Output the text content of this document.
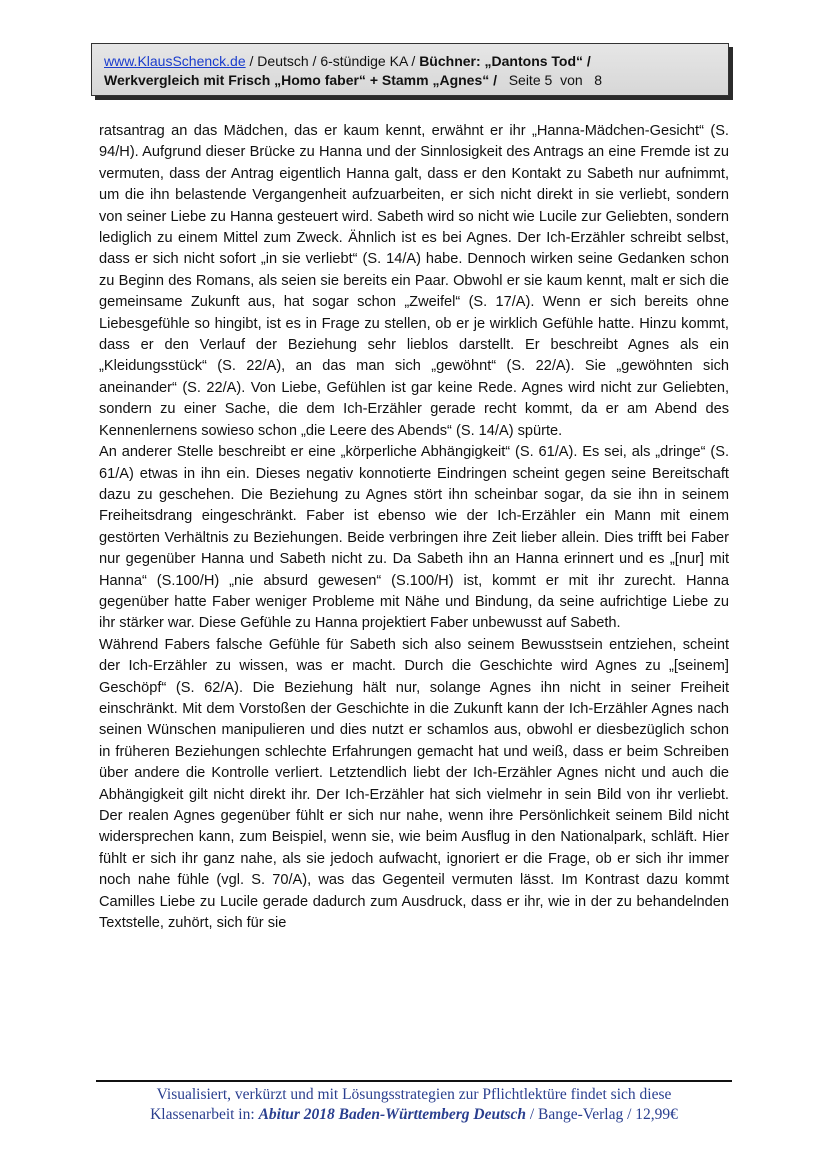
www.KlausSchenck.de / Deutsch / 6-stündige KA / Büchner: „Dantons Tod“ /
Werkvergleich mit Frisch „Homo faber“ + Stamm „Agnes“ /   Seite 5  von   8

ratsantrag an das Mädchen, das er kaum kennt, erwähnt er ihr „Hanna-Mädchen-Gesicht“ (S. 94/H). Aufgrund dieser Brücke zu Hanna und der Sinnlosigkeit des Antrags an eine Fremde ist zu vermuten, dass der Antrag eigentlich Hanna galt, dass er den Kontakt zu Sabeth nur aufnimmt, um die ihn belastende Vergangenheit aufzuarbeiten, er sich nicht direkt in sie verliebt, sondern von seiner Liebe zu Hanna gesteuert wird. Sabeth wird so nicht wie Lucile zur Geliebten, sondern lediglich zu einem Mittel zum Zweck. Ähnlich ist es bei Agnes. Der Ich-Erzähler schreibt selbst, dass er sich nicht sofort „in sie verliebt“ (S. 14/A) habe. Dennoch wirken seine Gedanken schon zu Beginn des Romans, als seien sie bereits ein Paar. Obwohl er sie kaum kennt, malt er sich die gemeinsame Zukunft aus, hat sogar schon „Zweifel“ (S. 17/A). Wenn er sich bereits ohne Liebesgefühle so hingibt, ist es in Frage zu stellen, ob er je wirklich Gefühle hatte. Hinzu kommt, dass er den Verlauf der Beziehung sehr lieblos darstellt. Er beschreibt Agnes als ein „Kleidungsstück“ (S. 22/A), an das man sich „gewöhnt“ (S. 22/A). Sie „gewöhnten sich aneinander“ (S. 22/A). Von Liebe, Gefühlen ist gar keine Rede. Agnes wird nicht zur Geliebten, sondern zu einer Sache, die dem Ich-Erzähler gerade recht kommt, da er am Abend des Kennenlernens sowieso schon „die Leere des Abends“ (S. 14/A) spürte.

An anderer Stelle beschreibt er eine „körperliche Abhängigkeit“ (S. 61/A). Es sei, als „dringe“ (S. 61/A) etwas in ihn ein. Dieses negativ konnotierte Eindringen scheint gegen seine Bereitschaft dazu zu geschehen. Die Beziehung zu Agnes stört ihn scheinbar sogar, da sie ihn in seinem Freiheitsdrang eingeschränkt. Faber ist ebenso wie der Ich-Erzähler ein Mann mit einem gestörten Verhältnis zu Beziehungen. Beide verbringen ihre Zeit lieber allein. Dies trifft bei Faber nur gegenüber Hanna und Sabeth nicht zu. Da Sabeth ihn an Hanna erinnert und es „[nur] mit Hanna“ (S.100/H) „nie absurd gewesen“ (S.100/H) ist, kommt er mit ihr zurecht. Hanna gegenüber hatte Faber weniger Probleme mit Nähe und Bindung, da seine aufrichtige Liebe zu ihr stärker war. Diese Gefühle zu Hanna projektiert Faber unbewusst auf Sabeth.

Während Fabers falsche Gefühle für Sabeth sich also seinem Bewusstsein entziehen, scheint der Ich-Erzähler zu wissen, was er macht. Durch die Geschichte wird Agnes zu „[seinem] Geschöpf“ (S. 62/A). Die Beziehung hält nur, solange Agnes ihn nicht in seiner Freiheit einschränkt. Mit dem Vorstoßen der Geschichte in die Zukunft kann der Ich-Erzähler Agnes nach seinen Wünschen manipulieren und dies nutzt er schamlos aus, obwohl er diesbezüglich schon in früheren Beziehungen schlechte Erfahrungen gemacht hat und weiß, dass er beim Schreiben über andere die Kontrolle verliert. Letztendlich liebt der Ich-Erzähler Agnes nicht und auch die Abhängigkeit gilt nicht direkt ihr. Der Ich-Erzähler hat sich vielmehr in sein Bild von ihr verliebt. Der realen Agnes gegenüber fühlt er sich nur nahe, wenn ihre Persönlichkeit seinem Bild nicht widersprechen kann, zum Beispiel, wenn sie, wie beim Ausflug in den Nationalpark, schläft. Hier fühlt er sich ihr ganz nahe, als sie jedoch aufwacht, ignoriert er die Frage, ob er sich ihr immer noch nahe fühle (vgl. S. 70/A), was das Gegenteil vermuten lässt. Im Kontrast dazu kommt Camilles Liebe zu Lucile gerade dadurch zum Ausdruck, dass er ihr, wie in der zu behandelnden Textstelle, zuhört, sich für sie

Visualisiert, verkürzt und mit Lösungsstrategien zur Pflichtlektüre findet sich diese
Klassenarbeit in: Abitur 2018 Baden-Württemberg Deutsch / Bange-Verlag / 12,99€
